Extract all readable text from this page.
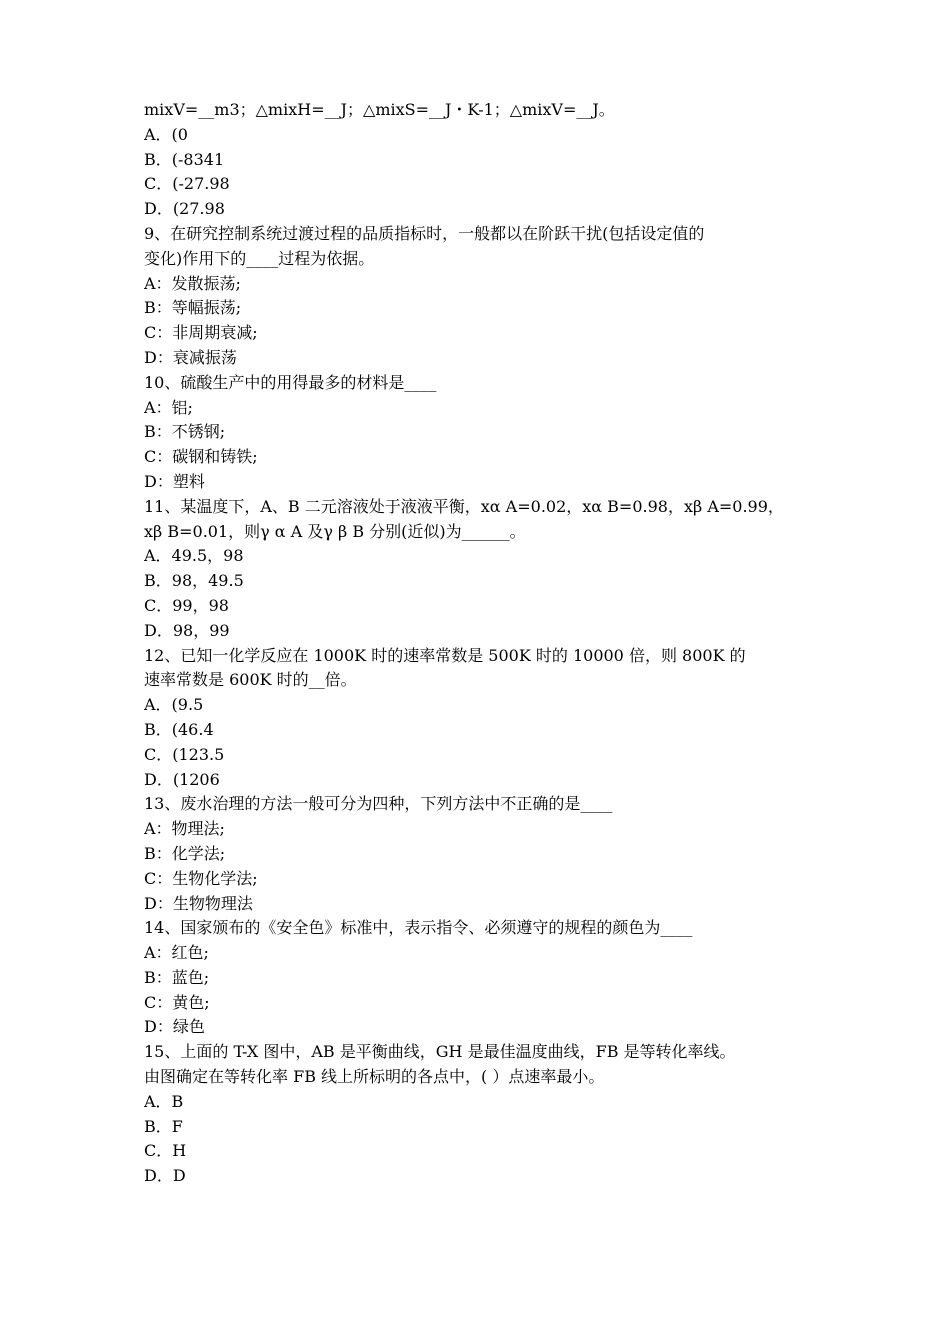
mixV=__m3；△mixH=__J；△mixS=__J・K-1；△mixV=__J。
A．(0
B．(-8341
C．(-27.98
D．(27.98
9、在研究控制系统过渡过程的品质指标时，一般都以在阶跃干扰(包括设定值的
变化)作用下的____过程为依据。
A：发散振荡;
B：等幅振荡;
C：非周期衰减;
D：衰减振荡
10、硫酸生产中的用得最多的材料是____
A：铝;
B：不锈钢;
C：碳钢和铸铁;
D：塑料
11、某温度下，A、B 二元溶液处于液液平衡，xα A=0.02，xα B=0.98，xβ A=0.99，
xβ B=0.01，则γ α A 及γ β B 分别(近似)为______。
A．49.5，98
B．98，49.5
C．99，98
D．98，99
12、已知一化学反应在 1000K 时的速率常数是 500K 时的 10000 倍，则 800K 的
速率常数是 600K 时的__倍。
A．(9.5
B．(46.4
C．(123.5
D．(1206
13、废水治理的方法一般可分为四种，下列方法中不正确的是____
A：物理法;
B：化学法;
C：生物化学法;
D：生物物理法
14、国家颁布的《安全色》标准中，表示指令、必须遵守的规程的颜色为____
A：红色;
B：蓝色;
C：黄色;
D：绿色
15、上面的 T-X 图中，AB 是平衡曲线，GH 是最佳温度曲线，FB 是等转化率线。
由图确定在等转化率 FB 线上所标明的各点中，( ）点速率最小。
A．B
B．F
C．H
D．D
